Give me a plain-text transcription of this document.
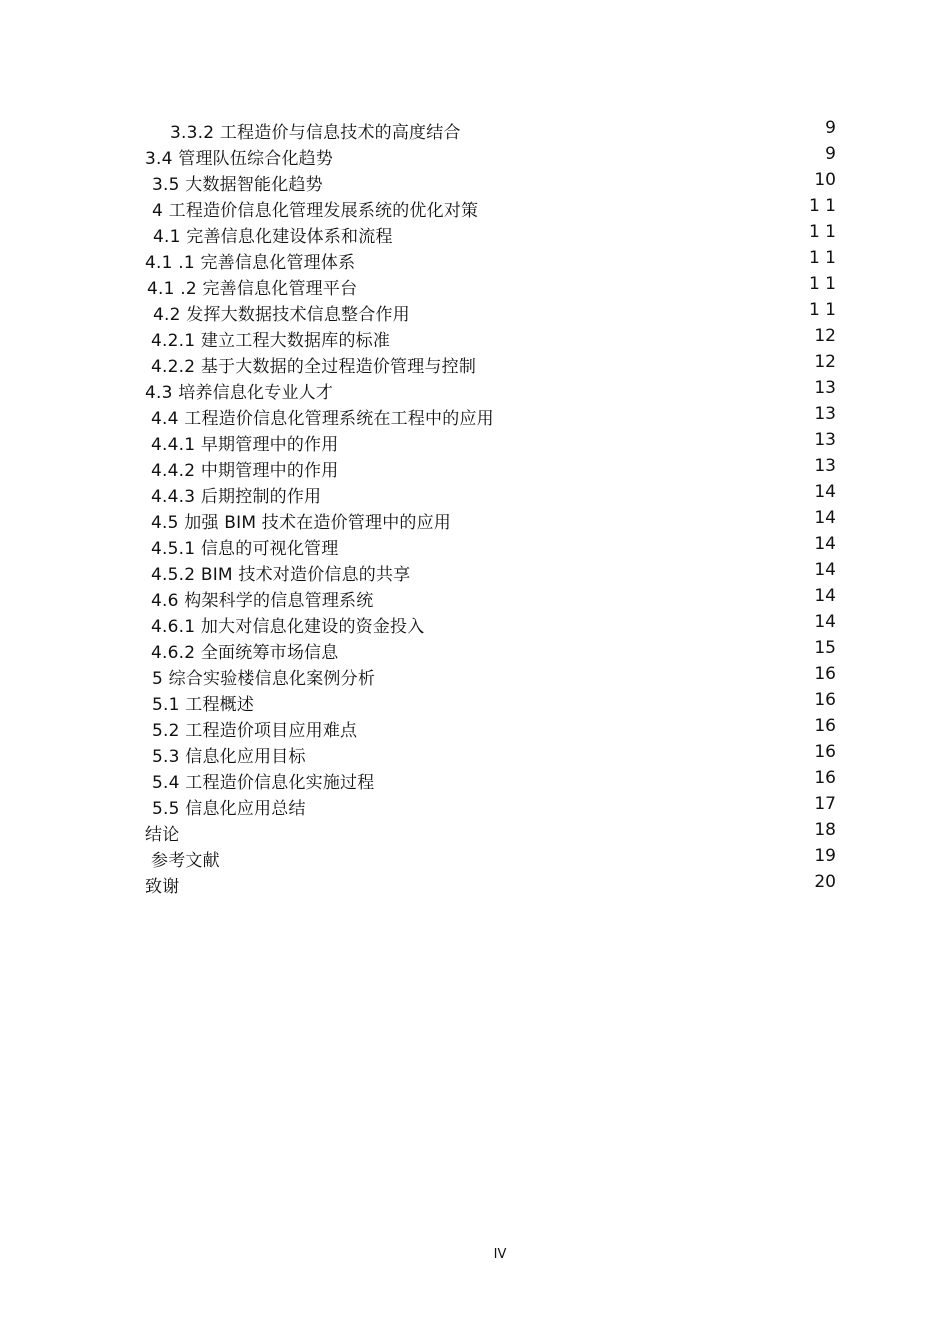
3.3.2 工程造价与信息技术的高度结合	9
3.4 管理队伍综合化趋势	9
3.5 大数据智能化趋势	10
4 工程造价信息化管理发展系统的优化对策	1 1
4.1 完善信息化建设体系和流程	1 1
4.1 .1 完善信息化管理体系	1 1
4.1 .2 完善信息化管理平台	1 1
4.2 发挥大数据技术信息整合作用	1 1
4.2.1 建立工程大数据库的标准	12
4.2.2 基于大数据的全过程造价管理与控制	12
4.3 培养信息化专业人才	13
4.4 工程造价信息化管理系统在工程中的应用	13
4.4.1 早期管理中的作用	13
4.4.2 中期管理中的作用	13
4.4.3 后期控制的作用	14
4.5 加强 BIM 技术在造价管理中的应用	14
4.5.1 信息的可视化管理	14
4.5.2 BIM 技术对造价信息的共享	14
4.6 构架科学的信息管理系统	14
4.6.1 加大对信息化建设的资金投入	14
4.6.2 全面统筹市场信息	15
5 综合实验楼信息化案例分析	16
5.1 工程概述	16
5.2 工程造价项目应用难点	16
5.3 信息化应用目标	16
5.4 工程造价信息化实施过程	16
5.5 信息化应用总结	17
结论	18
参考文献	19
致谢	20
IV
